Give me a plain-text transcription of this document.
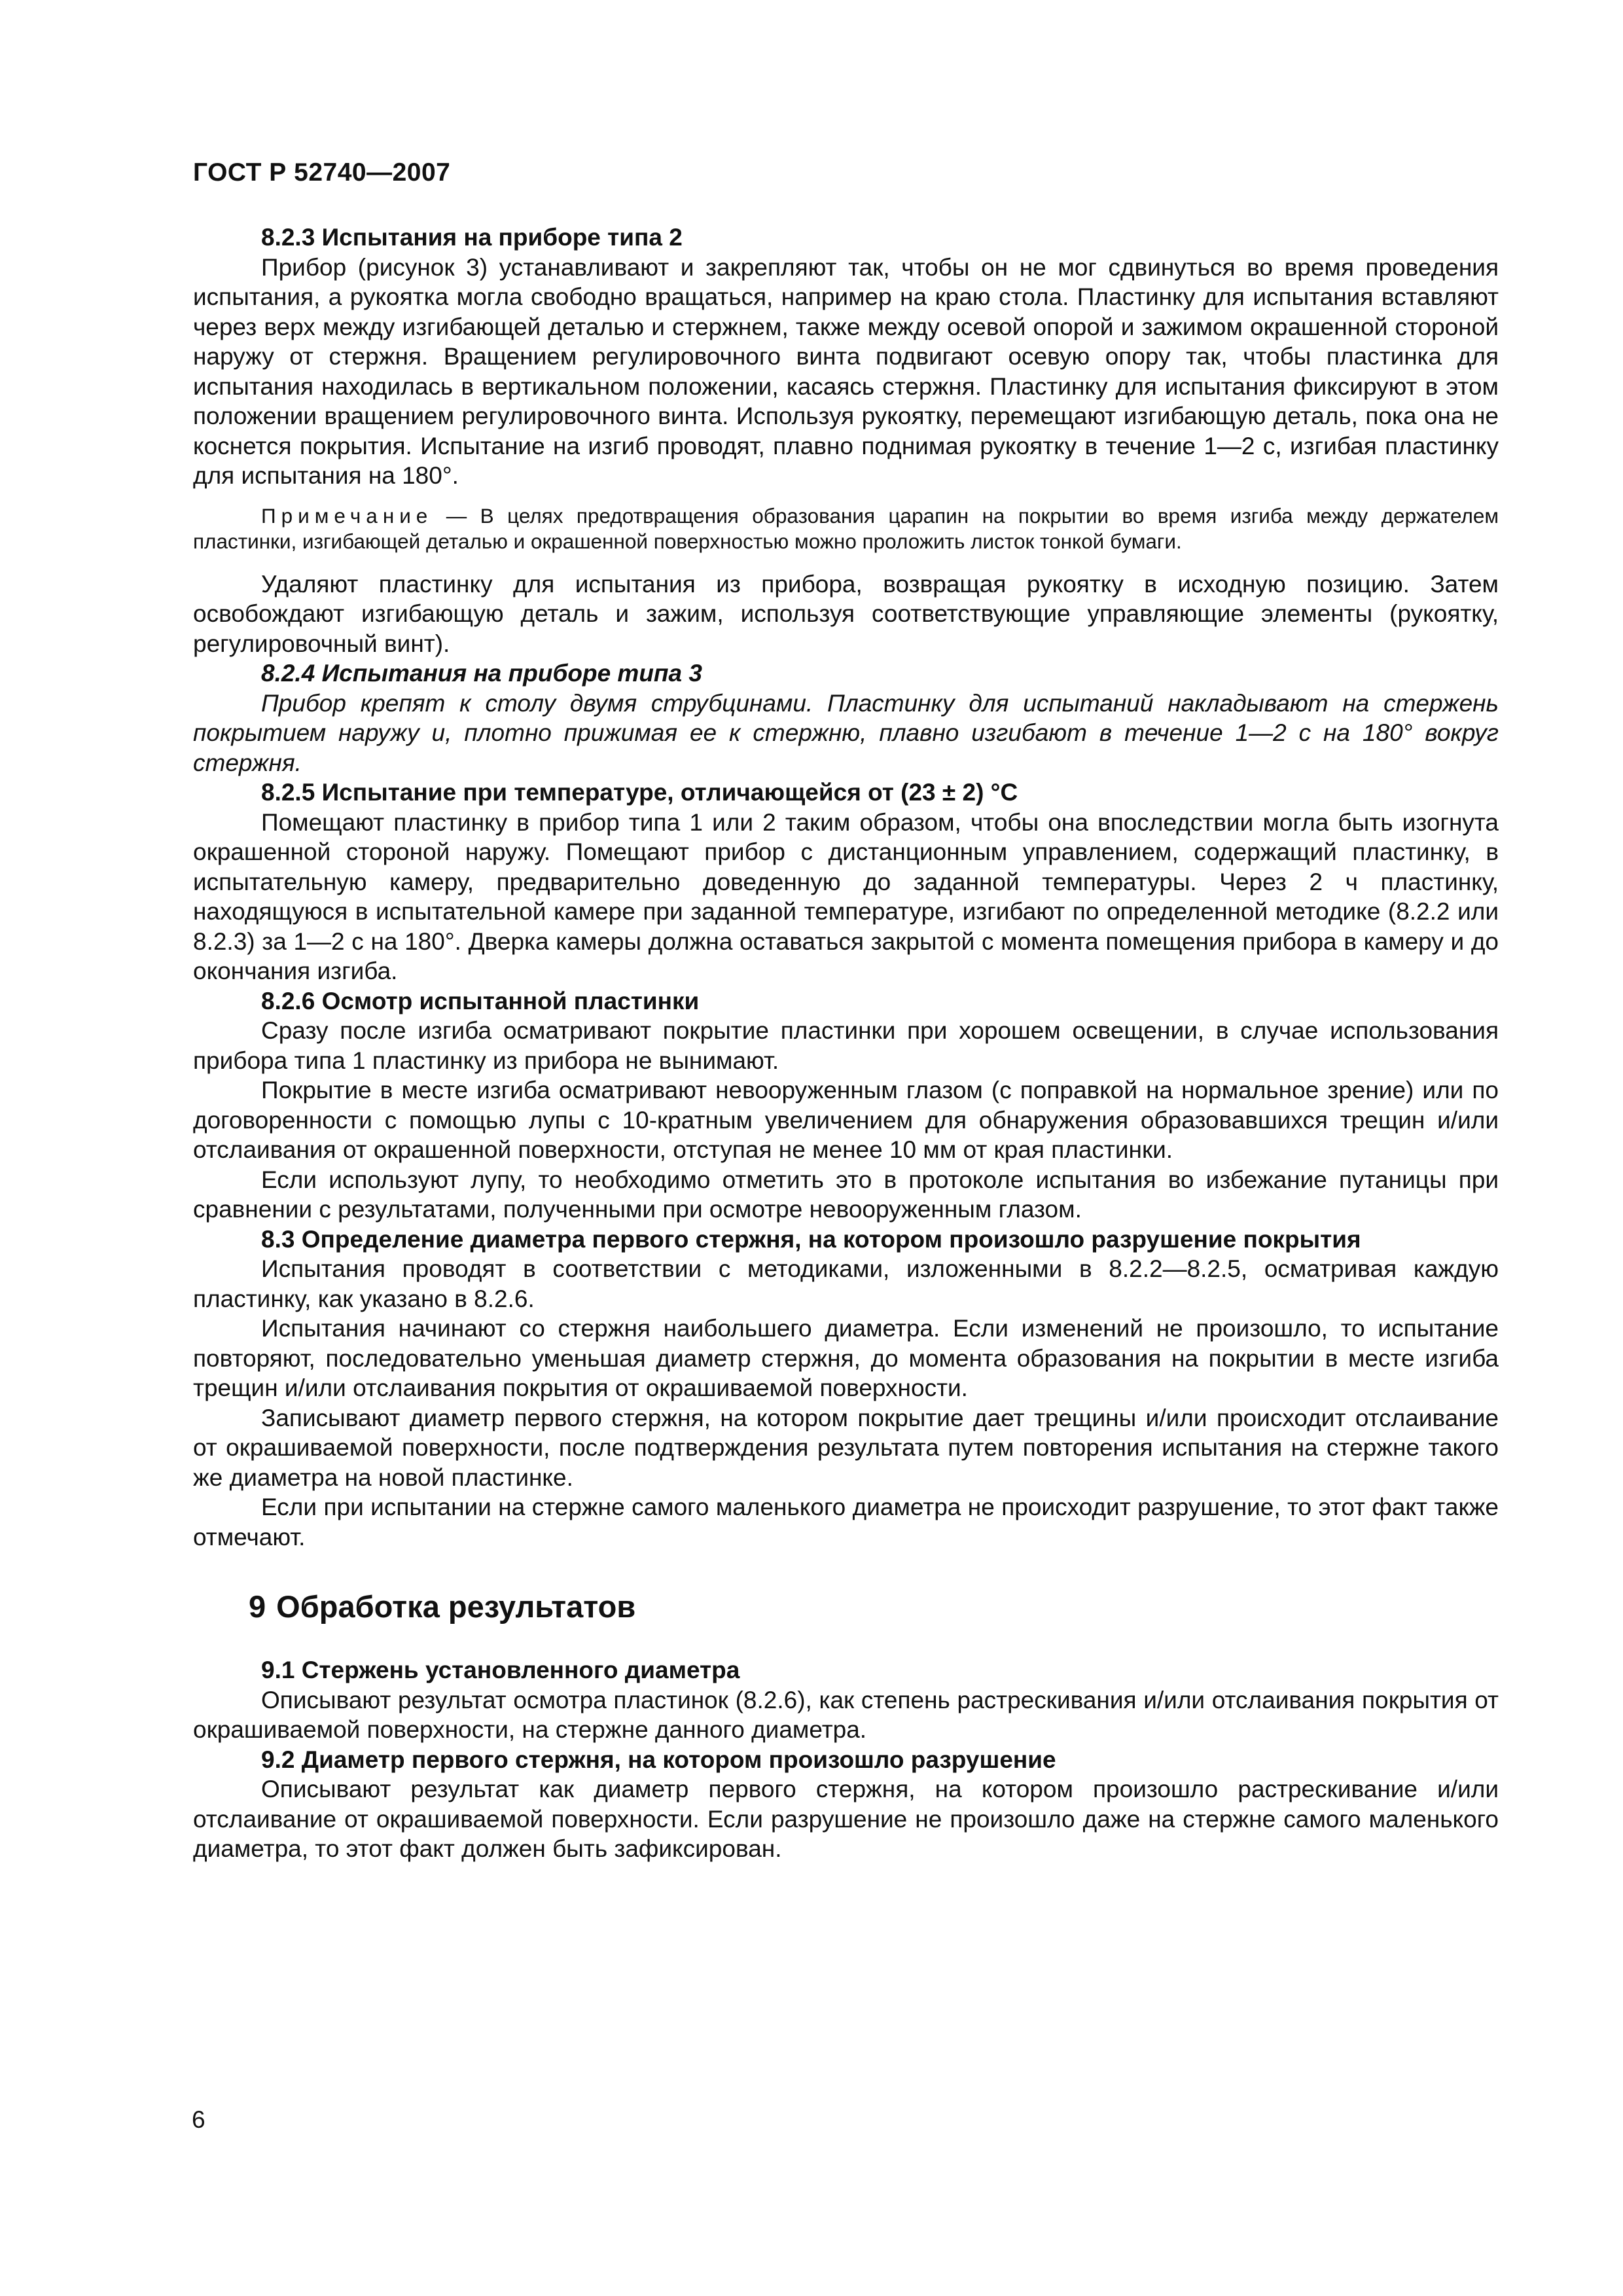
ГОСТ Р 52740—2007

8.2.3 Испытания на приборе типа 2

Прибор (рисунок 3) устанавливают и закрепляют так, чтобы он не мог сдвинуться во время проведения испытания, а рукоятка могла свободно вращаться, например на краю стола. Пластинку для испытания вставляют через верх между изгибающей деталью и стержнем, также между осевой опорой и зажимом окрашенной стороной наружу от стержня. Вращением регулировочного винта подвигают осевую опору так, чтобы пластинка для испытания находилась в вертикальном положении, касаясь стержня. Пластинку для испытания фиксируют в этом положении вращением регулировочного винта. Используя рукоятку, перемещают изгибающую деталь, пока она не коснется покрытия. Испытание на изгиб проводят, плавно поднимая рукоятку в течение 1—2 с, изгибая пластинку для испытания на 180°.

Примечание — В целях предотвращения образования царапин на покрытии во время изгиба между держателем пластинки, изгибающей деталью и окрашенной поверхностью можно проложить листок тонкой бумаги.

Удаляют пластинку для испытания из прибора, возвращая рукоятку в исходную позицию. Затем освобождают изгибающую деталь и зажим, используя соответствующие управляющие элементы (рукоятку, регулировочный винт).

8.2.4 Испытания на приборе типа 3

Прибор крепят к столу двумя струбцинами. Пластинку для испытаний накладывают на стержень покрытием наружу и, плотно прижимая ее к стержню, плавно изгибают в течение 1—2 с на 180° вокруг стержня.

8.2.5 Испытание при температуре, отличающейся от (23 ± 2) °С

Помещают пластинку в прибор типа 1 или 2 таким образом, чтобы она впоследствии могла быть изогнута окрашенной стороной наружу. Помещают прибор с дистанционным управлением, содержащий пластинку, в испытательную камеру, предварительно доведенную до заданной температуры. Через 2 ч пластинку, находящуюся в испытательной камере при заданной температуре, изгибают по определенной методике (8.2.2 или 8.2.3) за 1—2 с на 180°. Дверка камеры должна оставаться закрытой с момента помещения прибора в камеру и до окончания изгиба.

8.2.6 Осмотр испытанной пластинки

Сразу после изгиба осматривают покрытие пластинки при хорошем освещении, в случае использования прибора типа 1 пластинку из прибора не вынимают.

Покрытие в месте изгиба осматривают невооруженным глазом (с поправкой на нормальное зрение) или по договоренности с помощью лупы с 10-кратным увеличением для обнаружения образовавшихся трещин и/или отслаивания от окрашенной поверхности, отступая не менее 10 мм от края пластинки.

Если используют лупу, то необходимо отметить это в протоколе испытания во избежание путаницы при сравнении с результатами, полученными при осмотре невооруженным глазом.

8.3 Определение диаметра первого стержня, на котором произошло разрушение покрытия

Испытания проводят в соответствии с методиками, изложенными в 8.2.2—8.2.5, осматривая каждую пластинку, как указано в 8.2.6.

Испытания начинают со стержня наибольшего диаметра. Если изменений не произошло, то испытание повторяют, последовательно уменьшая диаметр стержня, до момента образования на покрытии в месте изгиба трещин и/или отслаивания покрытия от окрашиваемой поверхности.

Записывают диаметр первого стержня, на котором покрытие дает трещины и/или происходит отслаивание от окрашиваемой поверхности, после подтверждения результата путем повторения испытания на стержне такого же диаметра на новой пластинке.

Если при испытании на стержне самого маленького диаметра не происходит разрушение, то этот факт также отмечают.

9 Обработка результатов

9.1 Стержень установленного диаметра

Описывают результат осмотра пластинок (8.2.6), как степень растрескивания и/или отслаивания покрытия от окрашиваемой поверхности, на стержне данного диаметра.

9.2 Диаметр первого стержня, на котором произошло разрушение

Описывают результат как диаметр первого стержня, на котором произошло растрескивание и/или отслаивание от окрашиваемой поверхности. Если разрушение не произошло даже на стержне самого маленького диаметра, то этот факт должен быть зафиксирован.

6
